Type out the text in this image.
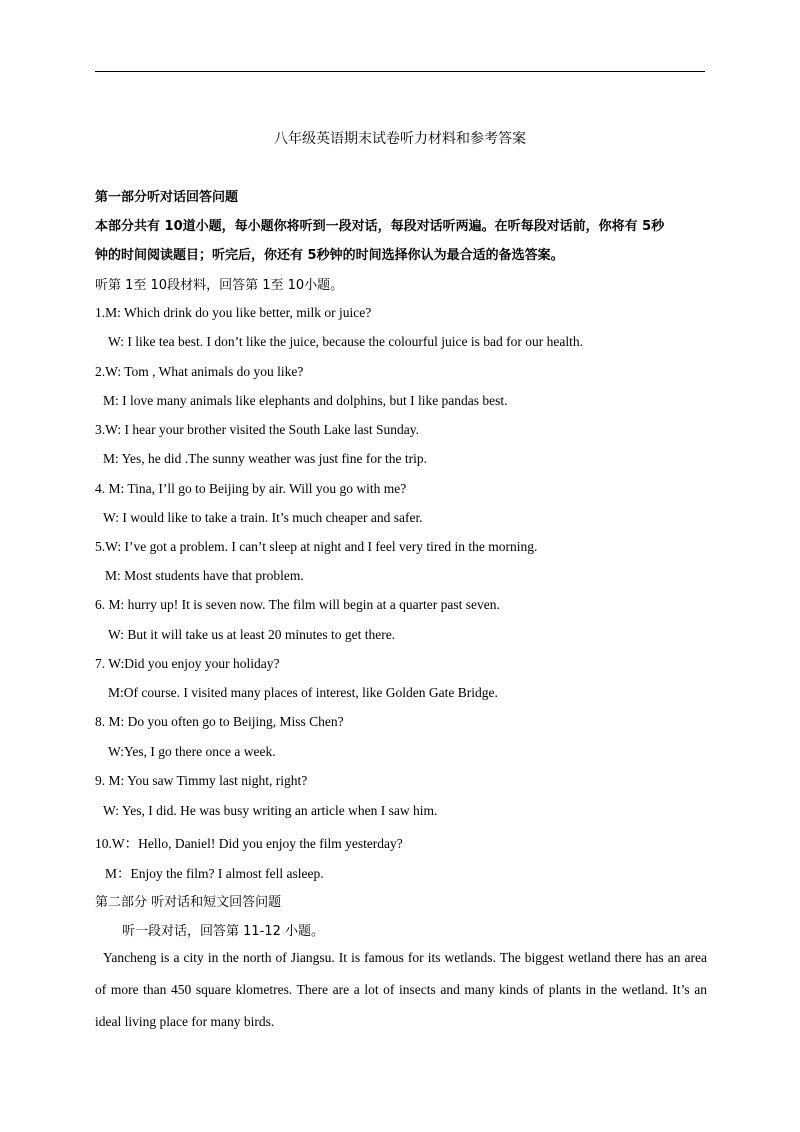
八年级英语期末试卷听力材料和参考答案
第一部分听对话回答问题
本部分共有 10道小题，每小题你将听到一段对话，每段对话听两遍。在听每段对话前，你将有 5秒
钟的时间阅读题目；听完后，你还有 5秒钟的时间选择你认为最合适的备选答案。
听第 1至 10段材料，回答第 1至 10小题。
1.M: Which drink do you like better, milk or juice?
W: I like tea best. I don’t like the juice, because the colourful juice is bad for our health.
2.W: Tom , What animals do you like?
M: I love many animals like elephants and dolphins, but I like pandas best.
3.W: I hear your brother visited the South Lake last Sunday.
M: Yes, he did .The sunny weather was just fine for the trip.
4. M: Tina, I’ll go to Beijing by air. Will you go with me?
W: I would like to take a train. It’s much cheaper and safer.
5.W: I’ve got a problem. I can’t sleep at night and I feel very tired in the morning.
M: Most students have that problem.
6. M: hurry up! It is seven now. The film will begin at a quarter past seven.
W: But it will take us at least 20 minutes to get there.
7. W:Did you enjoy your holiday?
M:Of course. I visited many places of interest, like Golden Gate Bridge.
8. M: Do you often go to Beijing, Miss Chen?
W:Yes, I go there once a week.
9. M: You saw Timmy last night, right?
W: Yes, I did. He was busy writing an article when I saw him.
10.W：Hello, Daniel! Did you enjoy the film yesterday?
M：Enjoy the film? I almost fell asleep.
第二部分 听对话和短文回答问题
听一段对话，回答第 11-12 小题。
Yancheng is a city in the north of Jiangsu. It is famous for its wetlands. The biggest wetland there has an area of more than 450 square klometres. There are a lot of insects and many kinds of plants in the wetland. It’s an ideal living place for many birds.
